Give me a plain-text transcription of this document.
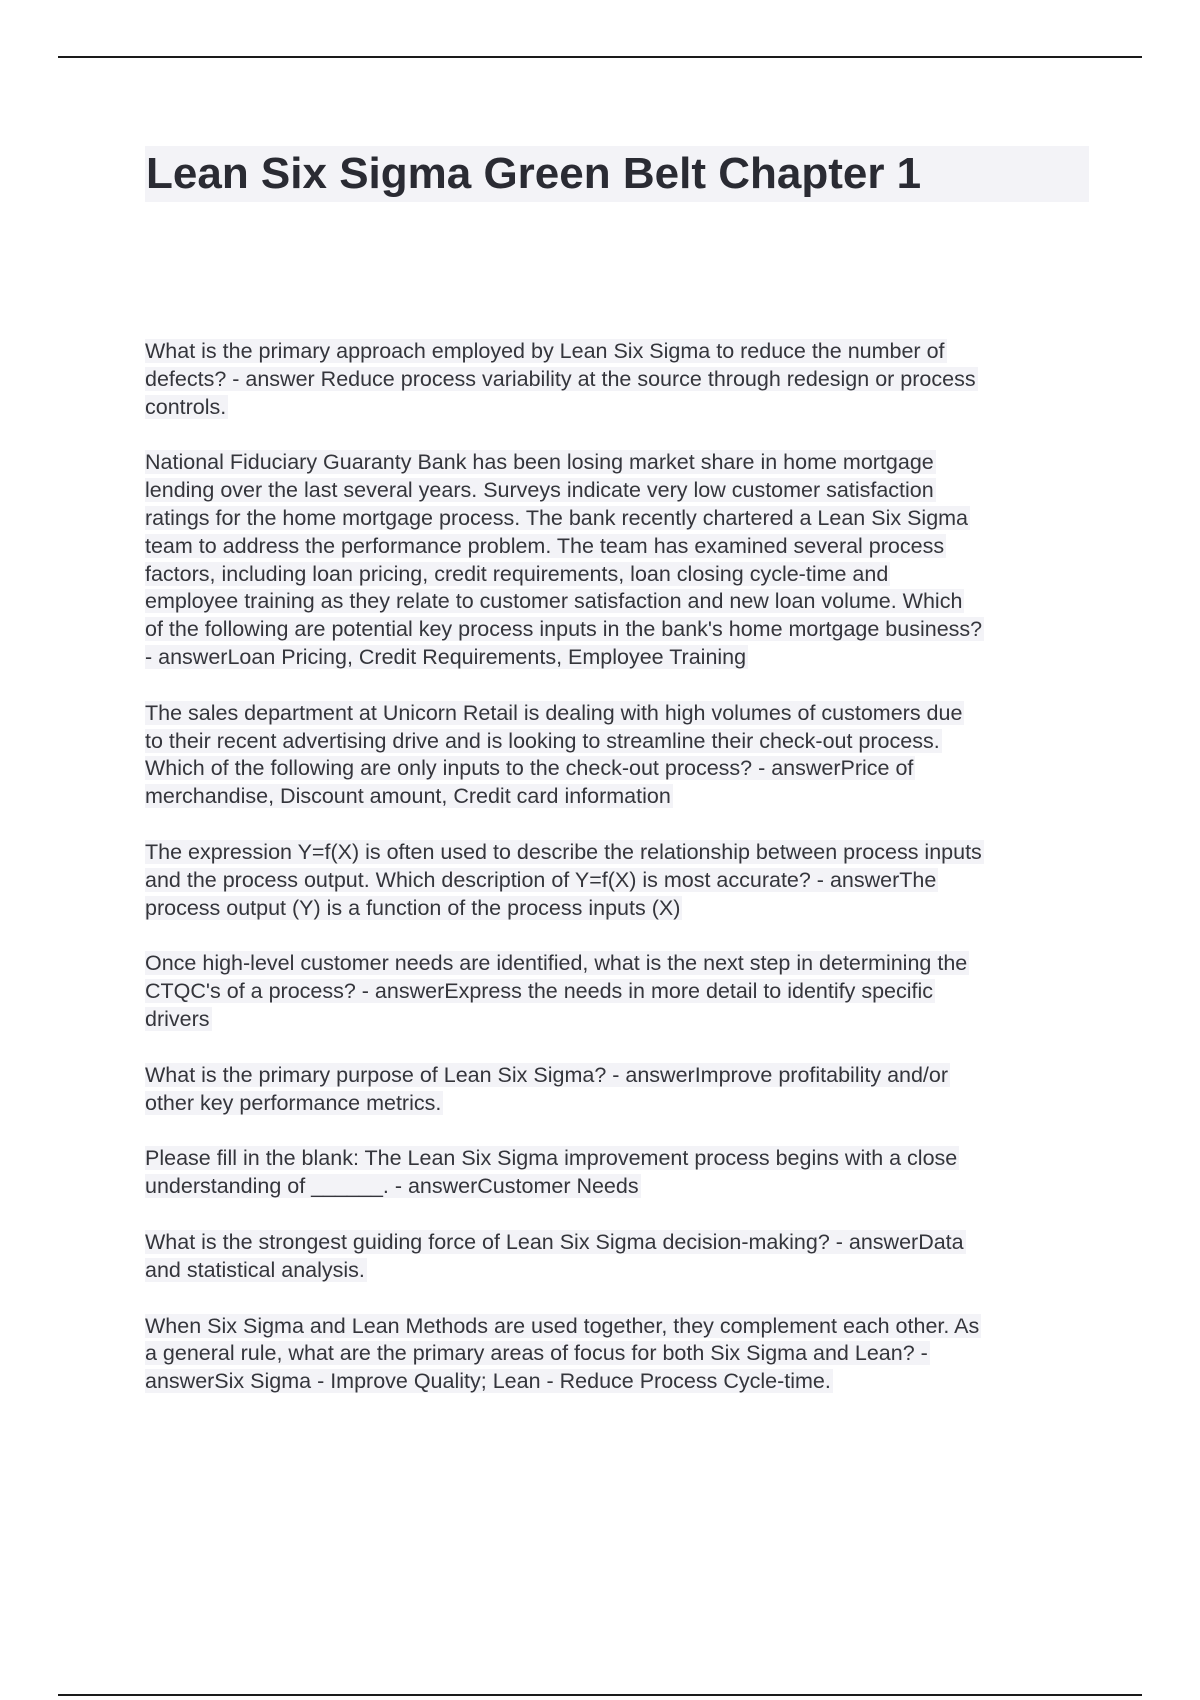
Lean Six Sigma Green Belt Chapter 1

What is the primary approach employed by Lean Six Sigma to reduce the number of
defects? - answer Reduce process variability at the source through redesign or process
controls.

National Fiduciary Guaranty Bank has been losing market share in home mortgage
lending over the last several years. Surveys indicate very low customer satisfaction
ratings for the home mortgage process. The bank recently chartered a Lean Six Sigma
team to address the performance problem. The team has examined several process
factors, including loan pricing, credit requirements, loan closing cycle-time and
employee training as they relate to customer satisfaction and new loan volume. Which
of the following are potential key process inputs in the bank's home mortgage business?
- answerLoan Pricing, Credit Requirements, Employee Training

The sales department at Unicorn Retail is dealing with high volumes of customers due
to their recent advertising drive and is looking to streamline their check-out process.
Which of the following are only inputs to the check-out process? - answerPrice of
merchandise, Discount amount, Credit card information

The expression Y=f(X) is often used to describe the relationship between process inputs
and the process output. Which description of Y=f(X) is most accurate? - answerThe
process output (Y) is a function of the process inputs (X)

Once high-level customer needs are identified, what is the next step in determining the
CTQC's of a process? - answerExpress the needs in more detail to identify specific
drivers

What is the primary purpose of Lean Six Sigma? - answerImprove profitability and/or
other key performance metrics.

Please fill in the blank: The Lean Six Sigma improvement process begins with a close
understanding of ______. - answerCustomer Needs

What is the strongest guiding force of Lean Six Sigma decision-making? - answerData
and statistical analysis.

When Six Sigma and Lean Methods are used together, they complement each other. As
a general rule, what are the primary areas of focus for both Six Sigma and Lean? -
answerSix Sigma - Improve Quality; Lean - Reduce Process Cycle-time.
